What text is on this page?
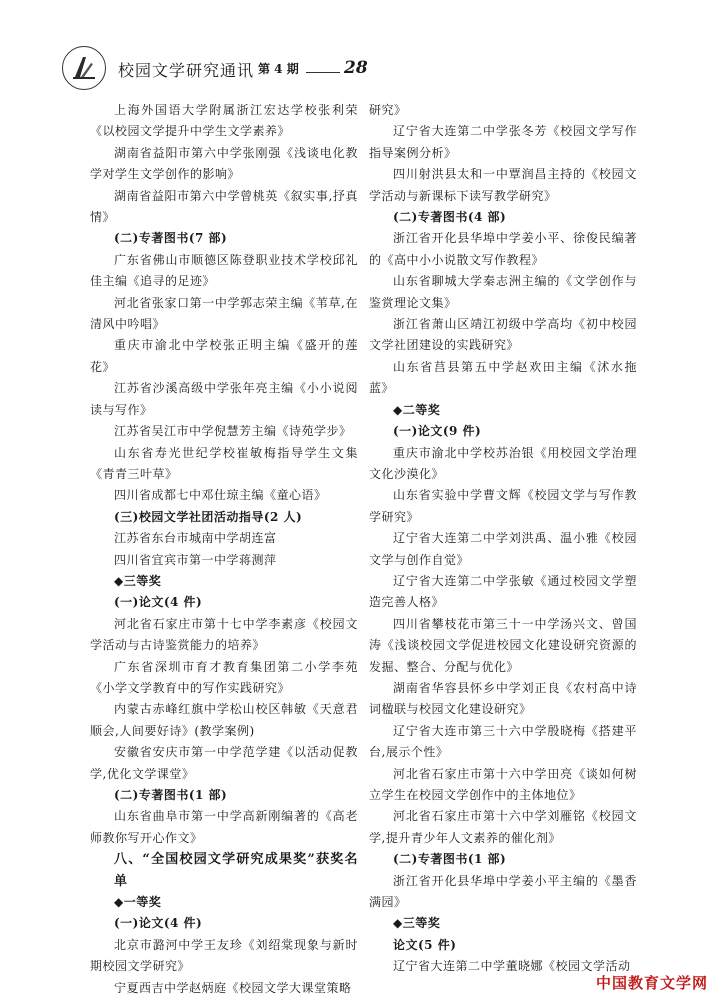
校园文学研究通讯 第 4 期	28

上海外国语大学附属浙江宏达学校张利荣《以校园文学提升中学生文学素养》

湖南省益阳市第六中学张刚强《浅谈电化教学对学生文学创作的影响》

湖南省益阳市第六中学曾桃英《叙实事,抒真情》

(二)专著图书(7 部)

广东省佛山市顺德区陈登职业技术学校邱礼佳主编《追寻的足迹》

河北省张家口第一中学郭志荣主编《苇草,在清风中吟唱》

重庆市渝北中学校张正明主编《盛开的莲花》

江苏省沙溪高级中学张年亮主编《小小说阅读与写作》

江苏省吴江市中学倪慧芳主编《诗苑学步》

山东省寿光世纪学校崔敏梅指导学生文集《青青三叶草》

四川省成都七中邓仕琼主编《童心语》

(三)校园文学社团活动指导(2 人)

江苏省东台市城南中学胡连富

四川省宜宾市第一中学蒋测萍

◆三等奖

(一)论文(4 件)

河北省石家庄市第十七中学李素彦《校园文学活动与古诗鉴赏能力的培养》

广东省深圳市育才教育集团第二小学李苑《小学文学教育中的写作实践研究》

内蒙古赤峰红旗中学松山校区韩敏《天意君顺会,人间要好诗》(教学案例)

安徽省安庆市第一中学范学建《以活动促教学,优化文学课堂》

(二)专著图书(1 部)

山东省曲阜市第一中学高新刚编著的《高老师教你写开心作文》

八、“全国校园文学研究成果奖”获奖名单

◆一等奖

(一)论文(4 件)

北京市潞河中学王友珍《刘绍棠现象与新时期校园文学研究》

宁夏西吉中学赵炳庭《校园文学大课堂策略

研究》

辽宁省大连第二中学张冬芳《校园文学写作指导案例分析》

四川射洪县太和一中覃润昌主持的《校园文学活动与新课标下读写教学研究》

(二)专著图书(4 部)

浙江省开化县华埠中学姜小平、徐俊民编著的《高中小小说散文写作教程》

山东省聊城大学秦志洲主编的《文学创作与鉴赏理论文集》

浙江省萧山区靖江初级中学高均《初中校园文学社团建设的实践研究》

山东省莒县第五中学赵欢田主编《沭水拖蓝》

◆二等奖

(一)论文(9 件)

重庆市渝北中学校苏治银《用校园文学治理文化沙漠化》

山东省实验中学曹文辉《校园文学与写作教学研究》

辽宁省大连第二中学刘洪禹、温小雅《校园文学与创作自觉》

辽宁省大连第二中学张敏《通过校园文学塑造完善人格》

四川省攀枝花市第三十一中学汤兴文、曾国涛《浅谈校园文学促进校园文化建设研究资源的发掘、整合、分配与优化》

湖南省华容县怀乡中学刘正良《农村高中诗词楹联与校园文化建设研究》

辽宁省大连市第三十六中学殷晓梅《搭建平台,展示个性》

河北省石家庄市第十六中学田亮《谈如何树立学生在校园文学创作中的主体地位》

河北省石家庄市第十六中学刘雁铭《校园文学,提升青少年人文素养的催化剂》

(二)专著图书(1 部)

浙江省开化县华埠中学姜小平主编的《墨香满园》

◆三等奖

论文(5 件)

辽宁省大连第二中学董晓娜《校园文学活动

中国教育文学网
